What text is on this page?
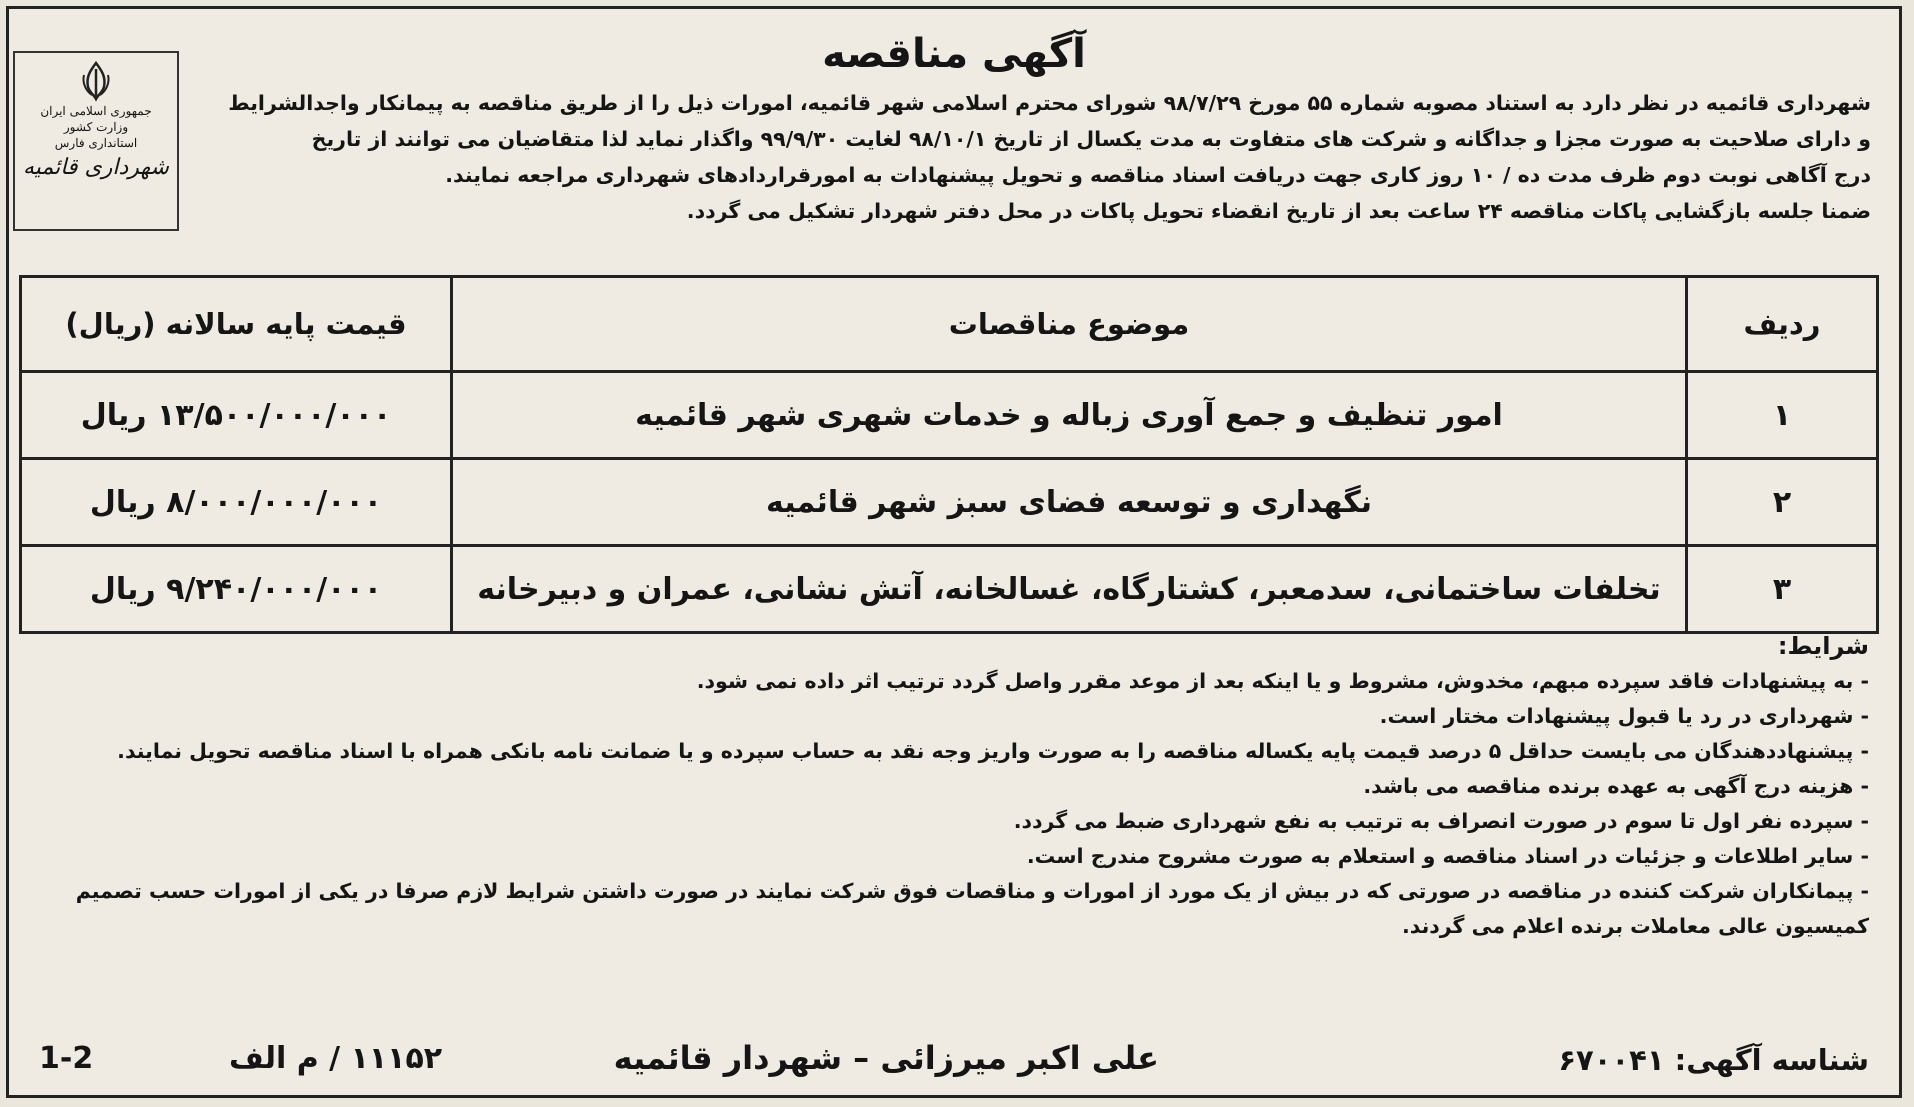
آگهی مناقصه
جمهوری اسلامی ایران
وزارت کشور
استانداری فارس
شهرداری قائمیه

شهرداری قائمیه در نظر دارد به استناد مصوبه شماره ۵۵ مورخ ۹۸/۷/۲۹ شورای محترم اسلامی شهر قائمیه، امورات ذیل را از طریق مناقصه به پیمانکار واجدالشرایط

و دارای صلاحیت به صورت مجزا و جداگانه و شرکت های متفاوت به مدت یکسال از تاریخ ۹۸/۱۰/۱ لغایت ۹۹/۹/۳۰ واگذار نماید لذا متقاضیان می توانند از تاریخ

درج آگاهی نوبت دوم ظرف مدت ده / ۱۰ روز کاری جهت دریافت اسناد مناقصه و تحویل پیشنهادات به امورقراردادهای شهرداری مراجعه نمایند.

ضمنا جلسه بازگشایی پاکات مناقصه ۲۴ ساعت بعد از تاریخ انقضاء تحویل پاکات در محل دفتر شهردار تشکیل می گردد.

ردیف	موضوع مناقصات	قیمت پایه سالانه (ریال)
۱	امور تنظیف و جمع آوری زباله و خدمات شهری شهر قائمیه	۱۳/۵۰۰/۰۰۰/۰۰۰ ریال
۲	نگهداری و توسعه فضای سبز شهر قائمیه	۸/۰۰۰/۰۰۰/۰۰۰ ریال
۳	تخلفات ساختمانی، سدمعبر، کشتارگاه، غسالخانه، آتش نشانی، عمران و دبیرخانه	۹/۲۴۰/۰۰۰/۰۰۰ ریال
شرایط:
- به پیشنهادات فاقد سپرده مبهم، مخدوش، مشروط و یا اینکه بعد از موعد مقرر واصل گردد ترتیب اثر داده نمی شود.
- شهرداری در رد یا قبول پیشنهادات مختار است.
- پیشنهاددهندگان می بایست حداقل ۵ درصد قیمت پایه یکساله مناقصه را به صورت واریز وجه نقد به حساب سپرده و یا ضمانت نامه بانکی همراه با اسناد مناقصه تحویل نمایند.
- هزینه درج آگهی به عهده برنده مناقصه می باشد.
- سپرده نفر اول تا سوم در صورت انصراف به ترتیب به نفع شهرداری ضبط می گردد.
- سایر اطلاعات و جزئیات در اسناد مناقصه و استعلام به صورت مشروح مندرج است.
- پیمانکاران شرکت کننده در مناقصه در صورتی که در بیش از یک مورد از امورات و مناقصات فوق شرکت نمایند در صورت داشتن شرایط لازم صرفا در یکی از امورات حسب تصمیم کمیسیون عالی معاملات برنده اعلام می گردند.
شناسه آگهی: ۶۷۰۰۴۱
علی اکبر میرزائی – شهردار قائمیه
۱۱۱۵۲ / م الف
1-2
